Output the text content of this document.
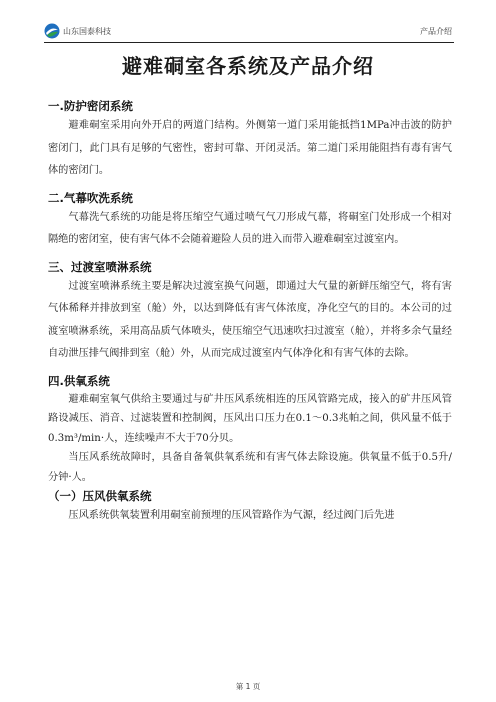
山东国泰科技	产品介绍
避难硐室各系统及产品介绍
一.防护密闭系统

避难硐室采用向外开启的两道门结构。外侧第一道门采用能抵挡1MPa冲击波的防护密闭门，此门具有足够的气密性，密封可靠、开闭灵活。第二道门采用能阻挡有毒有害气体的密闭门。

二.气幕吹洗系统

气幕洗气系统的功能是将压缩空气通过喷气气刀形成气幕，将硐室门处形成一个相对隔绝的密闭室，使有害气体不会随着避险人员的进入而带入避难硐室过渡室内。

三、过渡室喷淋系统

过渡室喷淋系统主要是解决过渡室换气问题，即通过大气量的新鲜压缩空气，将有害气体稀释并排放到室（舱）外，以达到降低有害气体浓度，净化空气的目的。本公司的过渡室喷淋系统，采用高品质气体喷头，使压缩空气迅速吹扫过渡室（舱），并将多余气量经自动泄压排气阀排到室（舱）外，从而完成过渡室内气体净化和有害气体的去除。

四.供氧系统

避难硐室氧气供给主要通过与矿井压风系统相连的压风管路完成，接入的矿井压风管路设减压、消音、过滤装置和控制阀，压风出口压力在0.1～0.3兆帕之间，供风量不低于0.3m³/min·人，连续噪声不大于70分贝。

当压风系统故障时，具备自备氧供氧系统和有害气体去除设施。供氧量不低于0.5升/分钟·人。

（一）压风供氧系统

压风系统供氧装置利用硐室前预埋的压风管路作为气源，经过阀门后先进

第 1 页
